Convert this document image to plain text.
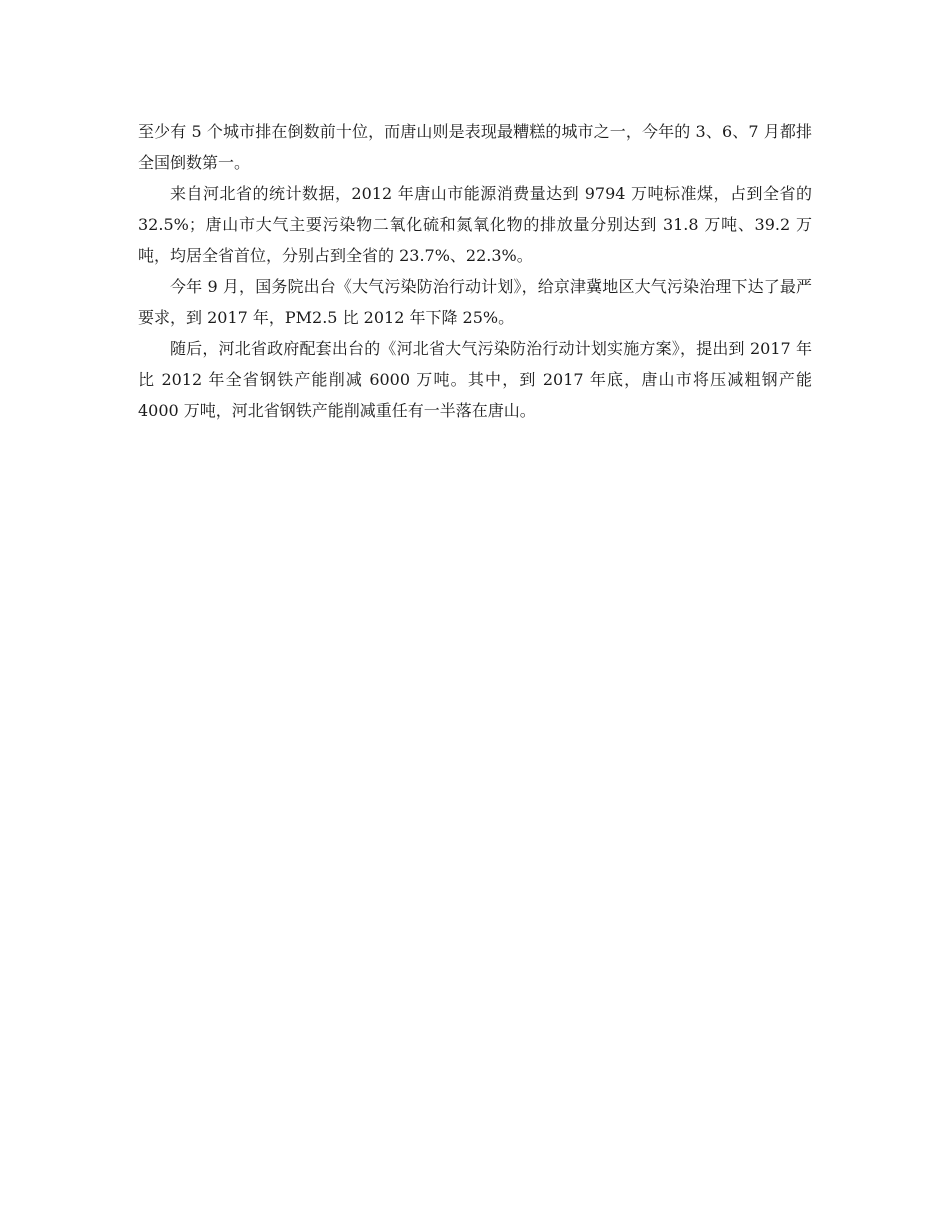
至少有 5 个城市排在倒数前十位，而唐山则是表现最糟糕的城市之一，今年的 3、6、7 月都排全国倒数第一。

来自河北省的统计数据，2012 年唐山市能源消费量达到 9794 万吨标准煤，占到全省的 32.5%；唐山市大气主要污染物二氧化硫和氮氧化物的排放量分别达到 31.8 万吨、39.2 万吨，均居全省首位，分别占到全省的 23.7%、22.3%。

今年 9 月，国务院出台《大气污染防治行动计划》，给京津冀地区大气污染治理下达了最严要求，到 2017 年，PM2.5 比 2012 年下降 25%。

随后，河北省政府配套出台的《河北省大气污染防治行动计划实施方案》，提出到 2017 年比 2012 年全省钢铁产能削减 6000 万吨。其中，到 2017 年底，唐山市将压减粗钢产能 4000 万吨，河北省钢铁产能削减重任有一半落在唐山。
